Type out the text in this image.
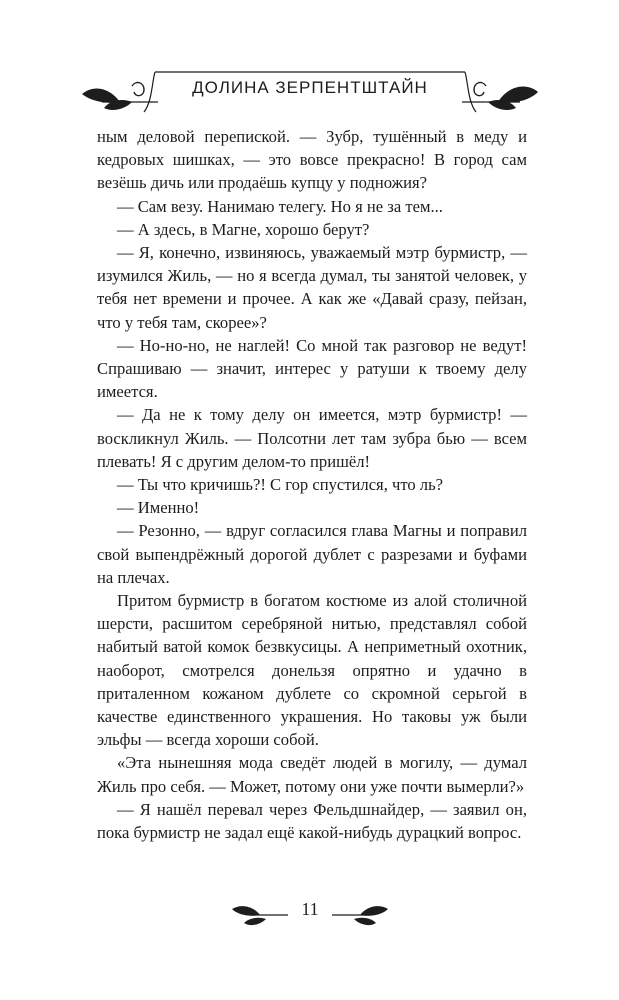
ДОЛИНА ЗЕРПЕНТШТАЙН

ным деловой перепиской. — Зубр, тушённый в меду и кедровых шишках, — это вовсе прекрасно! В город сам везёшь дичь или продаёшь купцу у подножия?

— Сам везу. Нанимаю телегу. Но я не за тем...

— А здесь, в Магне, хорошо берут?

— Я, конечно, извиняюсь, уважаемый мэтр бурмистр, — изумился Жиль, — но я всегда думал, ты занятой человек, у тебя нет времени и прочее. А как же «Давай сразу, пейзан, что у тебя там, скорее»?

— Но-но-но, не наглей! Со мной так разговор не ведут! Спрашиваю — значит, интерес у ратуши к твоему делу имеется.

— Да не к тому делу он имеется, мэтр бурмистр! — воскликнул Жиль. — Полсотни лет там зубра бью — всем плевать! Я с другим делом-то пришёл!

— Ты что кричишь?! С гор спустился, что ль?

— Именно!

— Резонно, — вдруг согласился глава Магны и поправил свой выпендрёжный дорогой дублет с разрезами и буфами на плечах.

Притом бурмистр в богатом костюме из алой столичной шерсти, расшитом серебряной нитью, представлял собой набитый ватой комок безвкусицы. А неприметный охотник, наоборот, смотрелся донельзя опрятно и удачно в приталенном кожаном дублете со скромной серьгой в качестве единственного украшения. Но таковы уж были эльфы — всегда хороши собой.

«Эта нынешняя мода сведёт людей в могилу, — думал Жиль про себя. — Может, потому они уже почти вымерли?»

— Я нашёл перевал через Фельдшнайдер, — заявил он, пока бурмистр не задал ещё какой-нибудь дурацкий вопрос.

11
